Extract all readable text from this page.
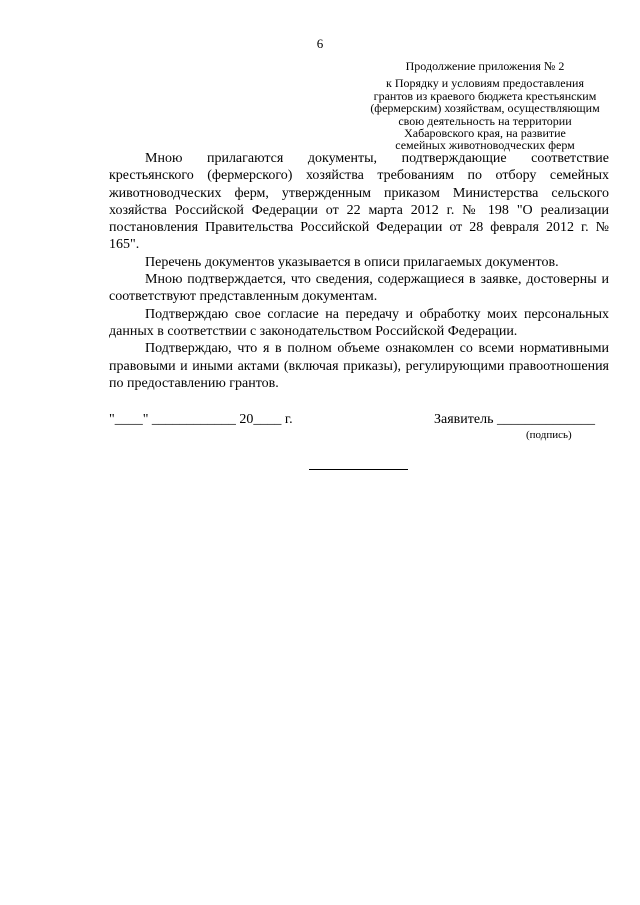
6
Продолжение приложения № 2
к Порядку и условиям предоставления
грантов из краевого бюджета крестьянским
(фермерским) хозяйствам, осуществляющим
свою деятельность на территории
Хабаровского края, на развитие
семейных животноводческих ферм

Мною прилагаются документы, подтверждающие соответствие крестьянского (фермерского) хозяйства требованиям по отбору семейных животноводческих ферм, утвержденным приказом Министерства сельского хозяйства Российской Федерации от 22 марта 2012 г. № 198 "О реализации постановления Правительства Российской Федерации от 28 февраля 2012 г. № 165".

Перечень документов указывается в описи прилагаемых документов.

Мною подтверждается, что сведения, содержащиеся в заявке, достоверны и соответствуют представленным документам.

Подтверждаю свое согласие на передачу и обработку моих персональных данных в соответствии с законодательством Российской Федерации.

Подтверждаю, что я в полном объеме ознакомлен со всеми нормативными правовыми и иными актами (включая приказы), регулирующими правоотношения по предоставлению грантов.

"____" ____________ 20____ г.	Заявитель ______________
(подпись)
